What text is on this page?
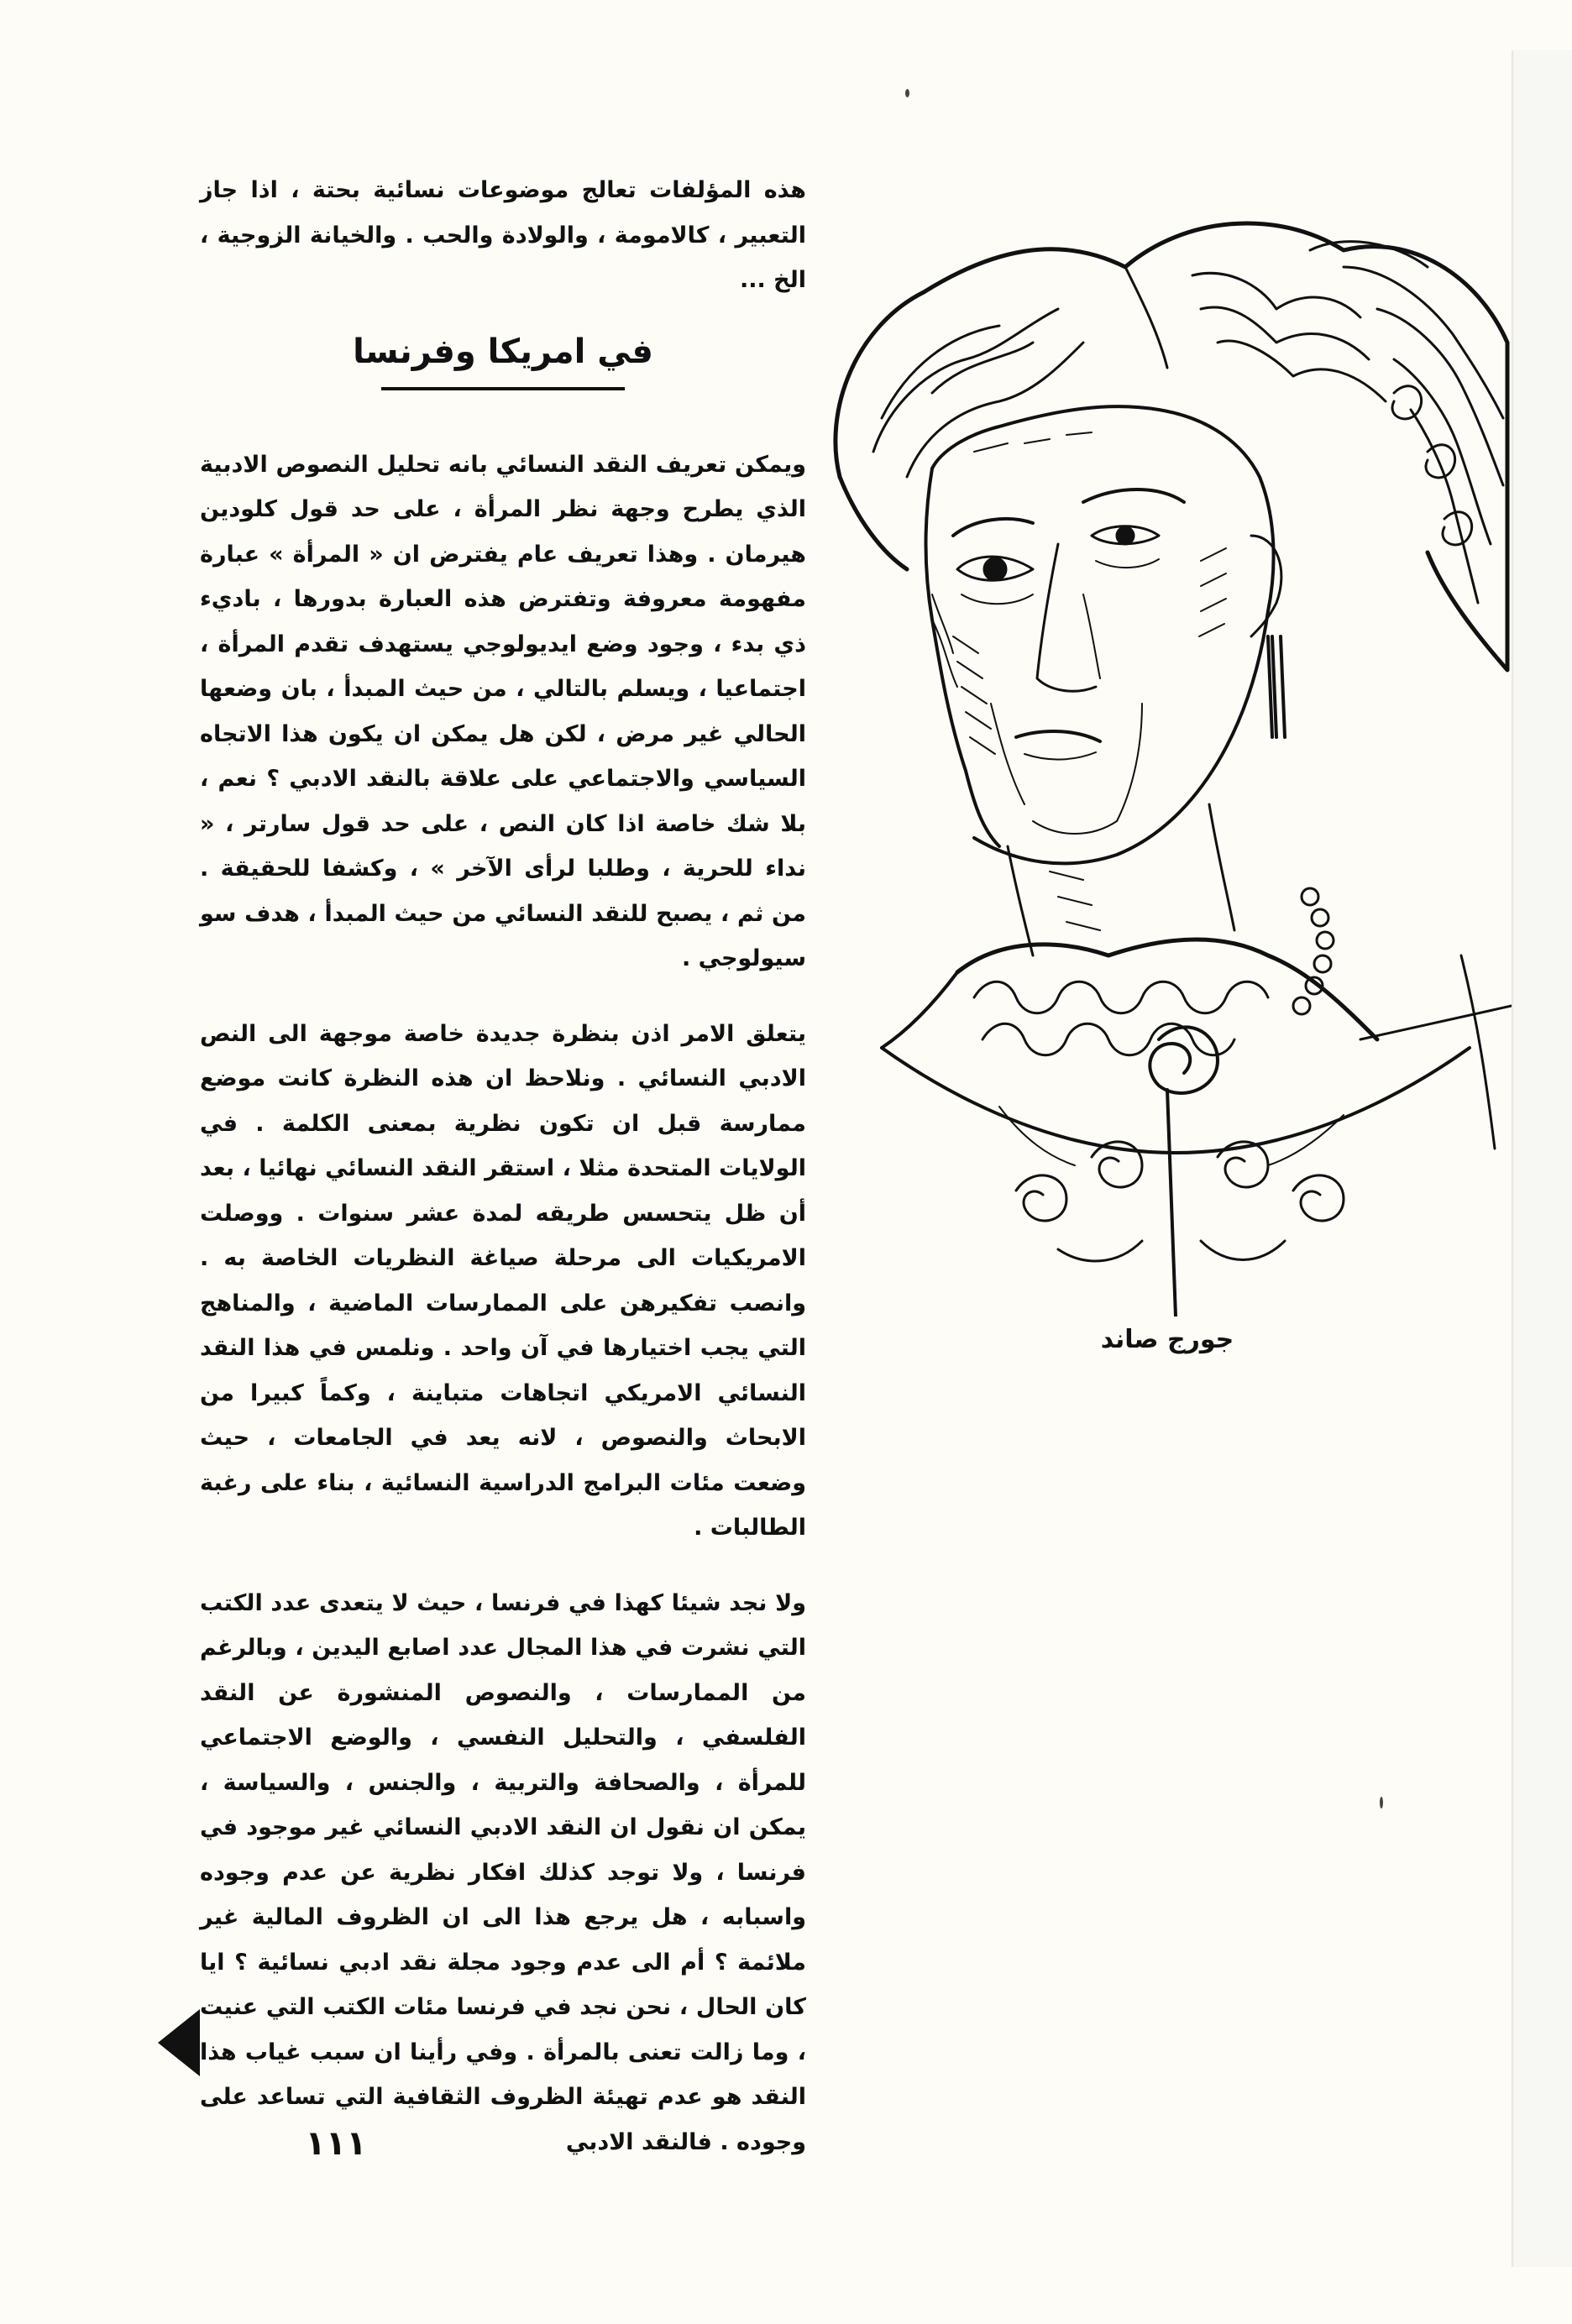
هذه المؤلفات تعالج موضوعات نسائية بحتة ، اذا جاز التعبير ، كالامومة ، والولادة والحب . والخيانة الزوجية ، الخ ...

في امريكا وفرنسا

ويمكن تعريف النقد النسائي بانه تحليل النصوص الادبية الذي يطرح وجهة نظر المرأة ، على حد قول كلودين هيرمان . وهذا تعريف عام يفترض ان « المرأة » عبارة مفهومة معروفة وتفترض هذه العبارة بدورها ، باديء ذي بدء ، وجود وضع ايديولوجي يستهدف تقدم المرأة ، اجتماعيا ، ويسلم بالتالي ، من حيث المبدأ ، بان وضعها الحالي غير مرض ، لكن هل يمكن ان يكون هذا الاتجاه السياسي والاجتماعي على علاقة بالنقد الادبي ؟ نعم ، بلا شك خاصة اذا كان النص ، على حد قول سارتر ، « نداء للحرية ، وطلبا لرأى الآخر » ، وكشفا للحقيقة . من ثم ، يصبح للنقد النسائي من حيث المبدأ ، هدف سو سيولوجي .

يتعلق الامر اذن بنظرة جديدة خاصة موجهة الى النص الادبي النسائي . ونلاحظ ان هذه النظرة كانت موضع ممارسة قبل ان تكون نظرية بمعنى الكلمة . في الولايات المتحدة مثلا ، استقر النقد النسائي نهائيا ، بعد أن ظل يتحسس طريقه لمدة عشر سنوات . ووصلت الامريكيات الى مرحلة صياغة النظريات الخاصة به . وانصب تفكيرهن على الممارسات الماضية ، والمناهج التي يجب اختيارها في آن واحد . ونلمس في هذا النقد النسائي الامريكي اتجاهات متباينة ، وكماً كبيرا من الابحاث والنصوص ، لانه يعد في الجامعات ، حيث وضعت مئات البرامج الدراسية النسائية ، بناء على رغبة الطالبات .

ولا نجد شيئا كهذا في فرنسا ، حيث لا يتعدى عدد الكتب التي نشرت في هذا المجال عدد اصابع اليدين ، وبالرغم من الممارسات ، والنصوص المنشورة عن النقد الفلسفي ، والتحليل النفسي ، والوضع الاجتماعي للمرأة ، والصحافة والتربية ، والجنس ، والسياسة ، يمكن ان نقول ان النقد الادبي النسائي غير موجود في فرنسا ، ولا توجد كذلك افكار نظرية عن عدم وجوده واسبابه ، هل يرجع هذا الى ان الظروف المالية غير ملائمة ؟ أم الى عدم وجود مجلة نقد ادبي نسائية ؟ ايا كان الحال ، نحن نجد في فرنسا مئات الكتب التي عنيت ، وما زالت تعنى بالمرأة . وفي رأينا ان سبب غياب هذا النقد هو عدم تهيئة الظروف الثقافية التي تساعد على وجوده . فالنقد الادبي

جورج صاند
١١١
